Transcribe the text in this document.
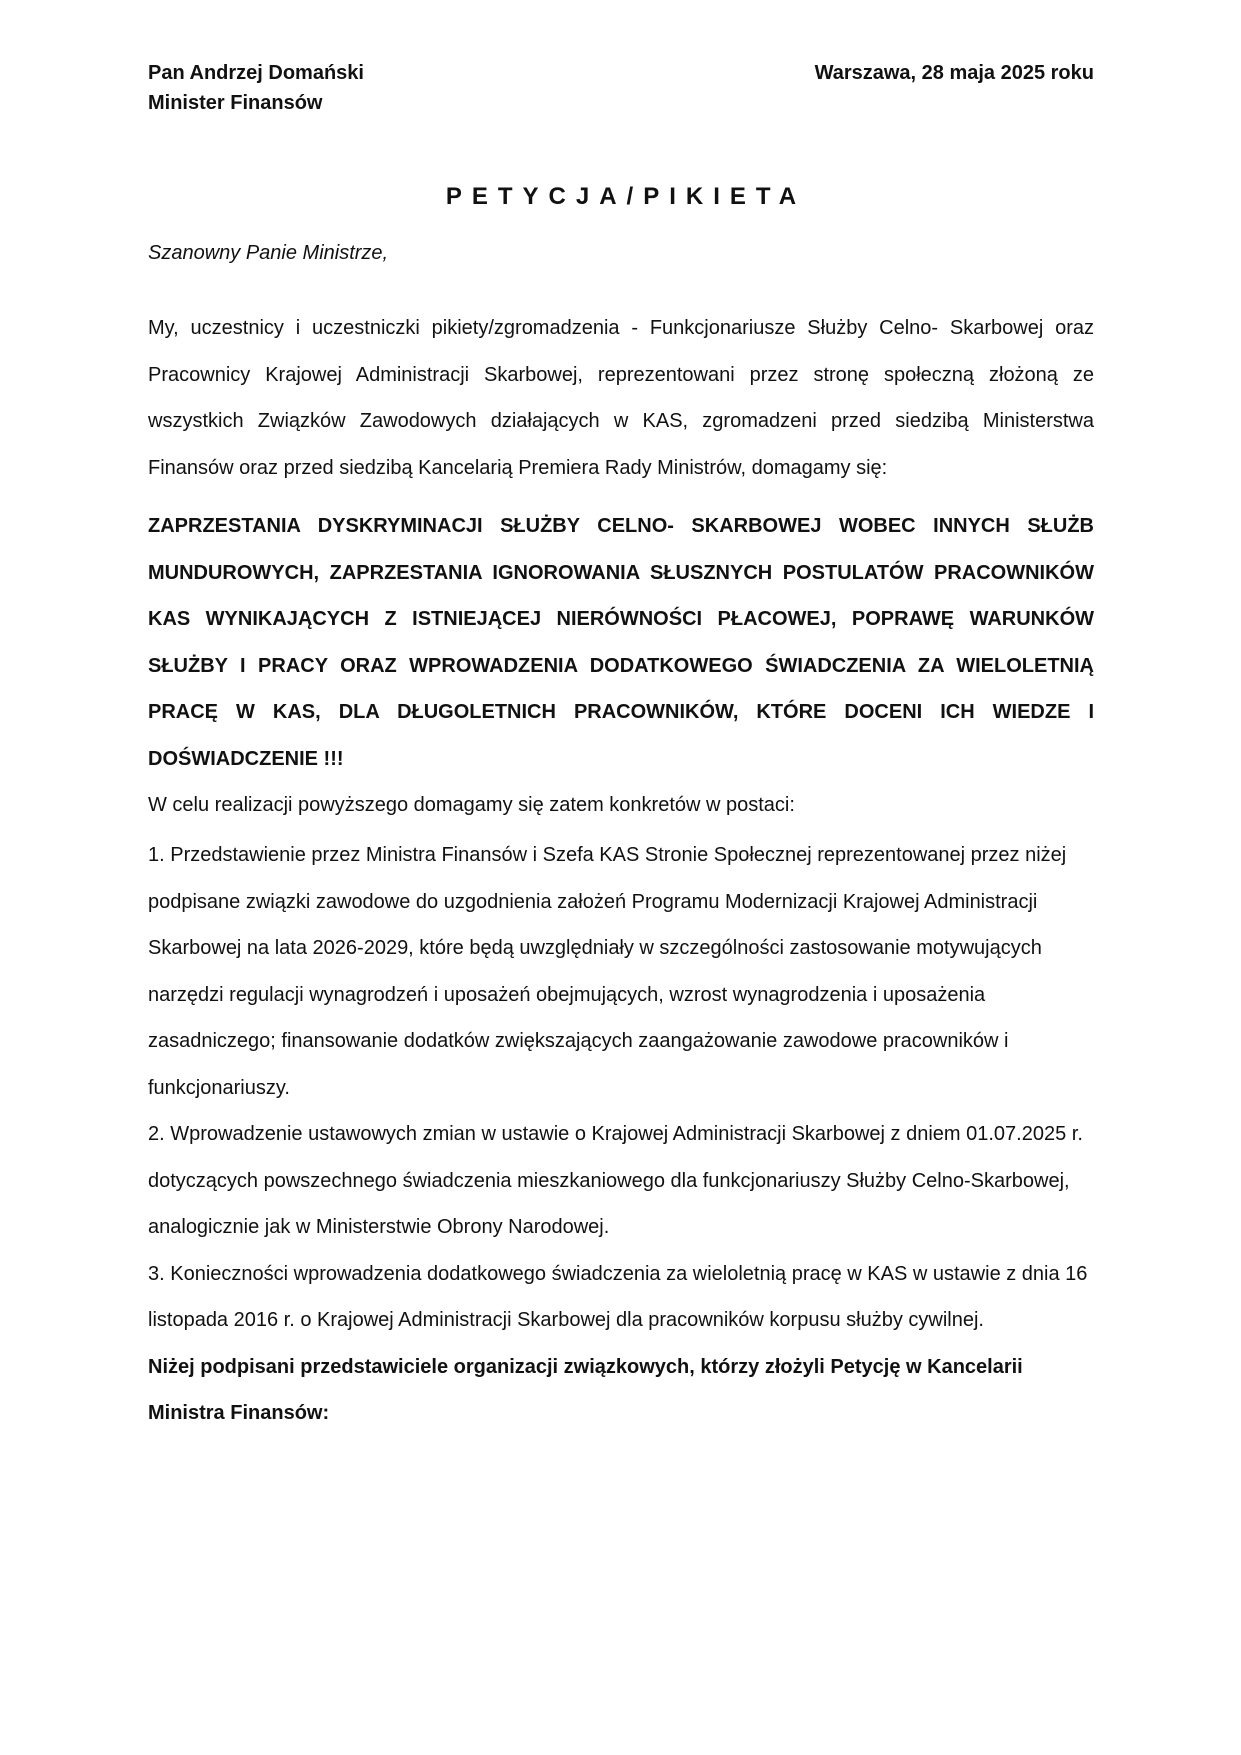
Pan Andrzej Domański
Minister Finansów
Warszawa, 28 maja 2025 roku
PETYCJA/PIKIETA
Szanowny Panie Ministrze,
My, uczestnicy i uczestniczki pikiety/zgromadzenia - Funkcjonariusze Służby Celno- Skarbowej oraz Pracownicy Krajowej Administracji Skarbowej, reprezentowani przez stronę społeczną złożoną ze wszystkich Związków Zawodowych działających w KAS, zgromadzeni przed siedzibą Ministerstwa Finansów oraz przed siedzibą Kancelarią Premiera Rady Ministrów, domagamy się:
ZAPRZESTANIA DYSKRYMINACJI SŁUŻBY CELNO- SKARBOWEJ WOBEC INNYCH SŁUŻB MUNDUROWYCH, ZAPRZESTANIA IGNOROWANIA SŁUSZNYCH POSTULATÓW PRACOWNIKÓW KAS WYNIKAJĄCYCH Z ISTNIEJĄCEJ NIERÓWNOŚCI PŁACOWEJ, POPRAWĘ WARUNKÓW SŁUŻBY I PRACY ORAZ WPROWADZENIA DODATKOWEGO ŚWIADCZENIA ZA WIELOLETNIĄ PRACĘ W KAS, DLA DŁUGOLETNICH PRACOWNIKÓW, KTÓRE DOCENI ICH WIEDZE I DOŚWIADCZENIE !!!
W celu realizacji powyższego domagamy się zatem konkretów w postaci:
1. Przedstawienie przez Ministra Finansów i Szefa KAS Stronie Społecznej reprezentowanej przez niżej podpisane związki zawodowe do uzgodnienia założeń Programu Modernizacji Krajowej Administracji Skarbowej na lata 2026-2029, które będą uwzględniały w szczególności zastosowanie motywujących narzędzi regulacji wynagrodzeń i uposażeń obejmujących, wzrost wynagrodzenia i uposażenia zasadniczego; finansowanie dodatków zwiększających zaangażowanie zawodowe pracowników i funkcjonariuszy.
2. Wprowadzenie ustawowych zmian w ustawie o Krajowej Administracji Skarbowej z dniem 01.07.2025 r. dotyczących powszechnego świadczenia mieszkaniowego dla funkcjonariuszy Służby Celno-Skarbowej, analogicznie jak w Ministerstwie Obrony Narodowej.
3. Konieczności wprowadzenia dodatkowego świadczenia za wieloletnią pracę w KAS w ustawie z dnia 16 listopada 2016 r. o Krajowej Administracji Skarbowej dla pracowników korpusu służby cywilnej.
Niżej podpisani przedstawiciele organizacji związkowych, którzy złożyli Petycję w Kancelarii Ministra Finansów:
